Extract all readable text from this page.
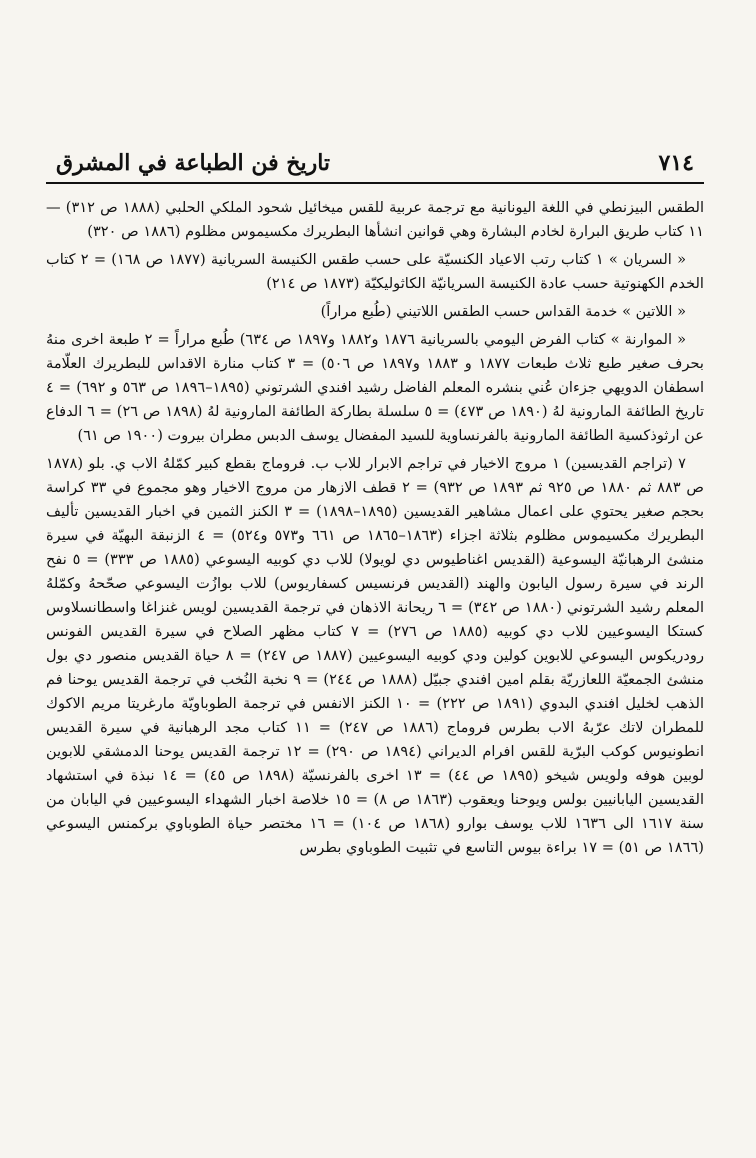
٧١٤
تاريخ فن الطباعة في المشرق

الطقس البيزنطي في اللغة اليونانية مع ترجمة عربية للقس ميخائيل شحود الملكي الحلبي (١٨٨٨ ص ٣١٢) — ١١ كتاب طريق البرارة لخادم البشارة وهي قوانين انشأها البطريرك مكسيموس مظلوم (١٨٨٦ ص ٣٢٠)

« السريان » ١ كتاب رتب الاعياد الكنسيّة على حسب طقس الكنيسة السريانية (١٨٧٧ ص ١٦٨) = ٢ كتاب الخدم الكهنوتية حسب عادة الكنيسة السريانيّة الكاثوليكيّة (١٨٧٣ ص ٢١٤)

« اللاتين » خدمة القداس حسب الطقس اللاتيني (طُبع مراراً)

« الموارنة » كتاب الفرض اليومي بالسريانية ١٨٧٦ و١٨٨٢ و١٨٩٧ ص ٦٣٤) طُبع مراراً = ٢ طبعة اخرى منهُ بحرف صغير طبع ثلاث طبعات ١٨٧٧ و ١٨٨٣ و١٨٩٧ ص ٥٠٦) = ٣ كتاب منارة الاقداس للبطريرك العلّامة اسطفان الدويهي جزءان عُني بنشره المعلم الفاضل رشيد افندي الشرتوني (١٨٩٥–١٨٩٦ ص ٥٦٣ و ٦٩٢) = ٤ تاريخ الطائفة المارونية لهُ (١٨٩٠ ص ٤٧٣) = ٥ سلسلة بطاركة الطائفة المارونية لهُ (١٨٩٨ ص ٢٦) = ٦ الدفاع عن ارثوذكسية الطائفة المارونية بالفرنساوية للسيد المفضال يوسف الدبس مطران بيروت (١٩٠٠ ص ٦١)

٧ (تراجم القديسين) ١ مروج الاخيار في تراجم الابرار للاب ب. فروماج بقطع كبير كمّلهُ الاب ي. بلو (١٨٧٨ ص ٨٨٣ ثم ١٨٨٠ ص ٩٢٥ ثم ١٨٩٣ ص ٩٣٢) = ٢ قطف الازهار من مروج الاخيار وهو مجموع في ٣٣ كراسة بحجم صغير يحتوي على اعمال مشاهير القديسين (١٨٩٥–١٨٩٨) = ٣ الكنز الثمين في اخبار القديسين تأليف البطريرك مكسيموس مظلوم بثلاثة اجزاء (١٨٦٣–١٨٦٥ ص ٦٦١ و٥٧٣ و٥٢٤) = ٤ الزنبقة البهيّة في سيرة منشئ الرهبانيّة اليسوعية (القديس اغناطيوس دي لويولا) للاب دي كوبيه اليسوعي (١٨٨٥ ص ٣٣٣) = ٥ نفح الرند في سيرة رسول اليابون والهند (القديس فرنسيس كسفاريوس) للاب بوازُت اليسوعي صحّحهُ وكمّلهُ المعلم رشيد الشرتوني (١٨٨٠ ص ٣٤٢) = ٦ ريحانة الاذهان في ترجمة القديسين لويس غنزاغا واسطانسلاوس كستكا اليسوعيين للاب دي كوبيه (١٨٨٥ ص ٢٧٦) = ٧ كتاب مظهر الصلاح في سيرة القديس الفونس رودريكوس اليسوعي للابوين كولين ودي كوبيه اليسوعيين (١٨٨٧ ص ٢٤٧) = ٨ حياة القديس منصور دي بول منشئ الجمعيّة اللعازريّة بقلم امين افندي جبيّل (١٨٨٨ ص ٢٤٤) = ٩ نخبة النُخب في ترجمة القديس يوحنا فم الذهب لخليل افندي البدوي (١٨٩١ ص ٢٢٢) = ١٠ الكنز الانفس في ترجمة الطوباويّة مارغريتا مريم الاكوك للمطران لاتك عرّبهُ الاب بطرس فروماج (١٨٨٦ ص ٢٤٧) = ١١ كتاب مجد الرهبانية في سيرة القديس انطونيوس كوكب البرّية للقس افرام الديراني (١٨٩٤ ص ٢٩٠) = ١٢ ترجمة القديس يوحنا الدمشقي للابوين لوبين هوفه ولويس شيخو (١٨٩٥ ص ٤٤) = ١٣ اخرى بالفرنسيّة (١٨٩٨ ص ٤٥) = ١٤ نبذة في استشهاد القديسين اليابانيين بولس ويوحنا ويعقوب (١٨٦٣ ص ٨) = ١٥ خلاصة اخبار الشهداء اليسوعيين في اليابان من سنة ١٦١٧ الى ١٦٣٦ للاب يوسف بوارو (١٨٦٨ ص ١٠٤) = ١٦ مختصر حياة الطوباوي بركمنس اليسوعي (١٨٦٦ ص ٥١) = ١٧ براءة بيوس التاسع في تثبيت الطوباوي بطرس
